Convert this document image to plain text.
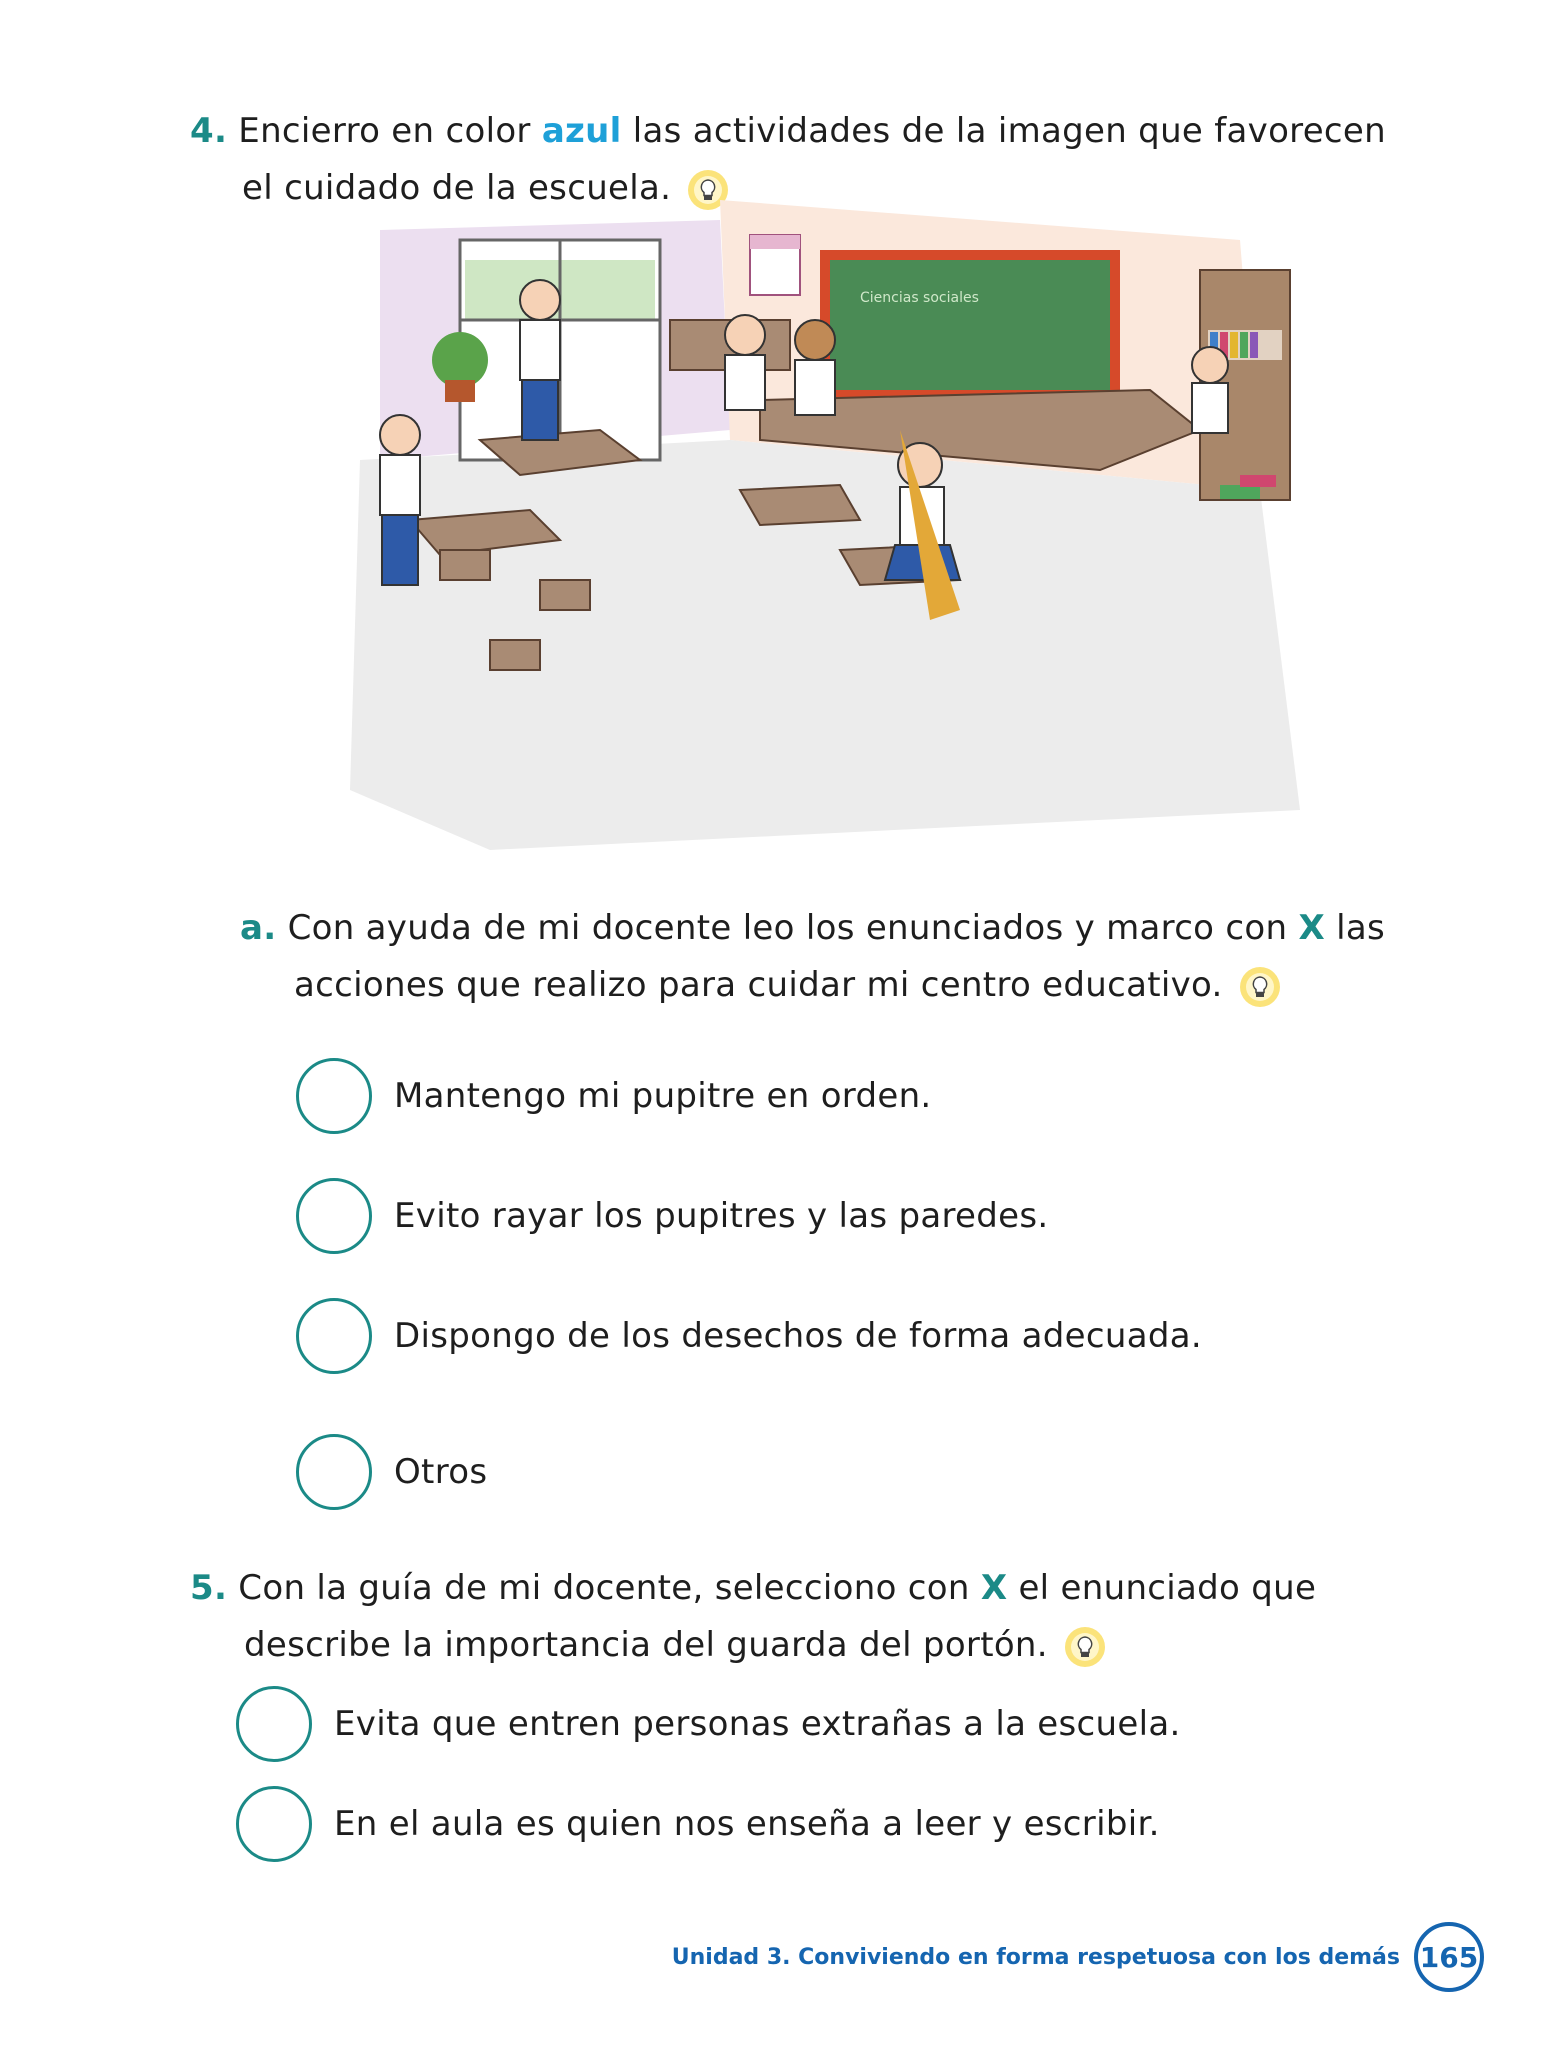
4. Encierro en color azul las actividades de la imagen que favorecen
el cuidado de la escuela.
Ciencias sociales
a. Con ayuda de mi docente leo los enunciados y marco con X las
acciones que realizo para cuidar mi centro educativo.
Mantengo mi pupitre en orden.
Evito rayar los pupitres y las paredes.
Dispongo de los desechos de forma adecuada.
Otros
5. Con la guía de mi docente, selecciono con X el enunciado que
describe la importancia del guarda del portón.
Evita que entren personas extrañas a la escuela.
En el aula es quien nos enseña a leer y escribir.
Unidad 3. Conviviendo en forma respetuosa con los demás 165
